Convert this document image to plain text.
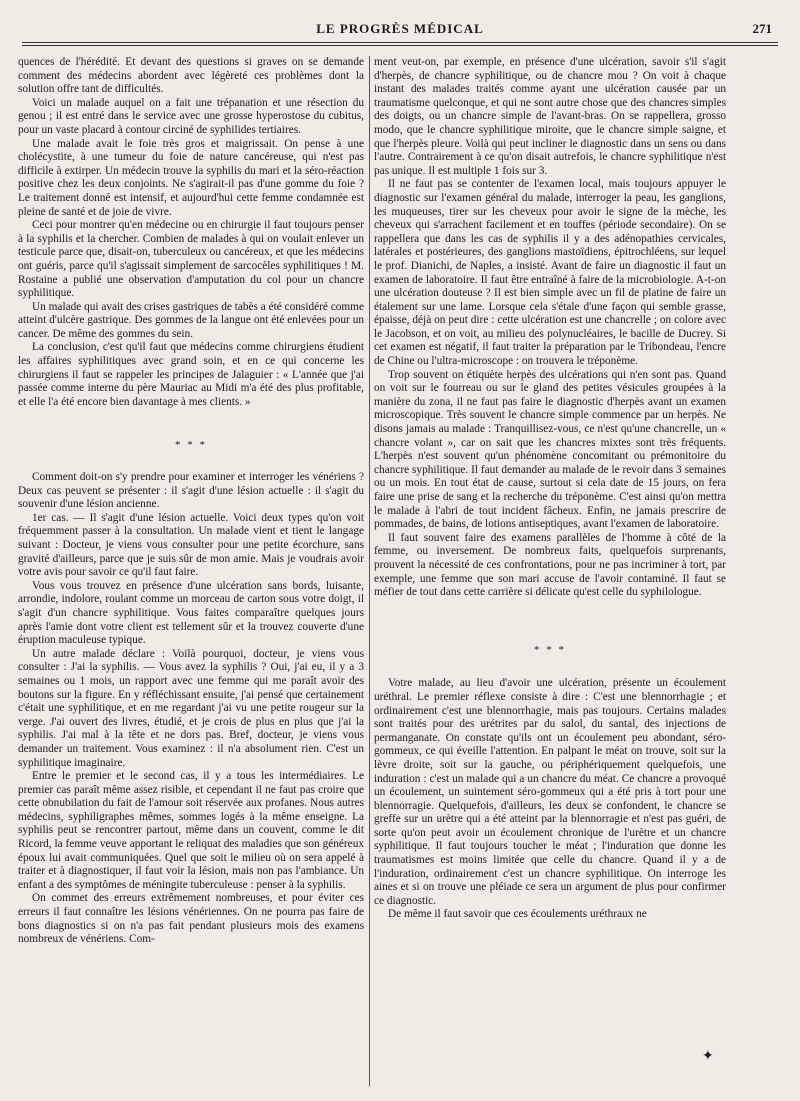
LE PROGRÈS MÉDICAL	271

quences de l'hérédité. Et devant des questions si graves on se demande comment des médecins abordent avec légèreté ces problèmes dont la solution offre tant de difficultés.

Voici un malade auquel on a fait une trépanation et une résection du genou ; il est entré dans le service avec une grosse hyperostose du cubitus, pour un vaste placard à contour circiné de syphilides tertiaires.

Une malade avait le foie très gros et maigrissait. On pense à une cholécystite, à une tumeur du foie de nature cancéreuse, qui n'est pas difficile à extirper. Un médecin trouve la syphilis du mari et la séro-réaction positive chez les deux conjoints. Ne s'agirait-il pas d'une gomme du foie ? Le traitement donné est intensif, et aujourd'hui cette femme condamnée est pleine de santé et de joie de vivre.

Ceci pour montrer qu'en médecine ou en chirurgie il faut toujours penser à la syphilis et la chercher. Combien de malades à qui on voulait enlever un testicule parce que, disait-on, tuberculeux ou cancéreux, et que les médecins ont guéris, parce qu'il s'agissait simplement de sarcocèles syphilitiques ! M. Rostaine a publié une observation d'amputation du col pour un chancre syphilitique.

Un malade qui avait des crises gastriques de tabès a été considéré comme atteint d'ulcère gastrique. Des gommes de la langue ont été enlevées pour un cancer. De même des gommes du sein.

La conclusion, c'est qu'il faut que médecins comme chirurgiens étudient les affaires syphilitiques avec grand soin, et en ce qui concerne les chirurgiens il faut se rappeler les principes de Jalaguier : « L'année que j'ai passée comme interne du père Mauriac au Midi m'a été des plus profitable, et elle l'a été encore bien davantage à mes clients. »

* * *

Comment doit-on s'y prendre pour examiner et interroger les vénériens ? Deux cas peuvent se présenter : il s'agit d'une lésion actuelle : il s'agit du souvenir d'une lésion ancienne.

1er cas. — Il s'agit d'une lésion actuelle. Voici deux types qu'on voit fréquemment passer à la consultation. Un malade vient et tient le langage suivant : Docteur, je viens vous consulter pour une petite écorchure, sans gravité d'ailleurs, parce que je suis sûr de mon amie. Mais je voudrais avoir votre avis pour savoir ce qu'il faut faire.

Vous vous trouvez en présence d'une ulcération sans bords, luisante, arrondie, indolore, roulant comme un morceau de carton sous votre doigt, il s'agit d'un chancre syphilitique. Vous faites comparaître quelques jours après l'amie dont votre client est tellement sûr et la trouvez couverte d'une éruption maculeuse typique.

Un autre malade déclare : Voilà pourquoi, docteur, je viens vous consulter : J'ai la syphilis. — Vous avez la syphilis ? Oui, j'ai eu, il y a 3 semaines ou 1 mois, un rapport avec une femme qui me paraît avoir des boutons sur la figure. En y réfléchissant ensuite, j'ai pensé que certainement c'était une syphilitique, et en me regardant j'ai vu une petite rougeur sur la verge. J'ai ouvert des livres, étudié, et je crois de plus en plus que j'ai la syphilis. J'ai mal à la tête et ne dors pas. Bref, docteur, je viens vous demander un traitement. Vous examinez : il n'a absolument rien. C'est un syphilitique imaginaire.

Entre le premier et le second cas, il y a tous les intermédiaires. Le premier cas paraît même assez risible, et cependant il ne faut pas croire que cette obnubilation du fait de l'amour soit réservée aux profanes. Nous autres médecins, syphiligraphes mêmes, sommes logés à la même enseigne. La syphilis peut se rencontrer partout, même dans un couvent, comme le dit Ricord, la femme veuve apportant le reliquat des maladies que son généreux époux lui avait communiquées. Quel que soit le milieu où on sera appelé à traiter et à diagnostiquer, il faut voir la lésion, mais non pas l'ambiance. Un enfant a des symptômes de méningite tuberculeuse : penser à la syphilis.

On commet des erreurs extrêmement nombreuses, et pour éviter ces erreurs il faut connaître les lésions vénériennes. On ne pourra pas faire de bons diagnostics si on n'a pas fait pendant plusieurs mois des examens nombreux de vénériens. Com-

ment veut-on, par exemple, en présence d'une ulcération, savoir s'il s'agit d'herpès, de chancre syphilitique, ou de chancre mou ? On voit à chaque instant des malades traités comme ayant une ulcération causée par un traumatisme quelconque, et qui ne sont autre chose que des chancres simples des doigts, ou un chancre simple de l'avant-bras. On se rappellera, grosso modo, que le chancre syphilitique miroite, que le chancre simple saigne, et que l'herpès pleure. Voilà qui peut incliner le diagnostic dans un sens ou dans l'autre. Contrairement à ce qu'on disait autrefois, le chancre syphilitique n'est pas unique. Il est multiple 1 fois sur 3.

Il ne faut pas se contenter de l'examen local, mais toujours appuyer le diagnostic sur l'examen général du malade, interroger la peau, les ganglions, les muqueuses, tirer sur les cheveux pour avoir le signe de la mèche, les cheveux qui s'arrachent facilement et en touffes (période secondaire). On se rappellera que dans les cas de syphilis il y a des adénopathies cervicales, latérales et postérieures, des ganglions mastoïdiens, épitrochléens, sur lequel le prof. Dianichi, de Naples, a insisté. Avant de faire un diagnostic il faut un examen de laboratoire. Il faut être entraîné à faire de la microbiologie. A-t-on une ulcération douteuse ? Il est bien simple avec un fil de platine de faire un étalement sur une lame. Lorsque cela s'étale d'une façon qui semble grasse, épaisse, déjà on peut dire : cette ulcération est une chancrelle ; on colore avec le Jacobson, et on voit, au milieu des polynucléaires, le bacille de Ducrey. Si cet examen est négatif, il faut traiter la préparation par le Tribondeau, l'encre de Chine ou l'ultra-microscope : on trouvera le tréponème.

Trop souvent on étiquète herpès des ulcérations qui n'en sont pas. Quand on voit sur le fourreau ou sur le gland des petites vésicules groupées à la manière du zona, il ne faut pas faire le diagnostic d'herpès avant un examen microscopique. Très souvent le chancre simple commence par un herpès. Ne disons jamais au malade : Tranquillisez-vous, ce n'est qu'une chancrelle, un « chancre volant », car on sait que les chancres mixtes sont très fréquents. L'herpès n'est souvent qu'un phénomène concomitant ou prémonitoire du chancre syphilitique. Il faut demander au malade de le revoir dans 3 semaines ou un mois. En tout état de cause, surtout si cela date de 15 jours, on fera faire une prise de sang et la recherche du tréponème. C'est ainsi qu'on mettra le malade à l'abri de tout incident fâcheux. Enfin, ne jamais prescrire de pommades, de bains, de lotions antiseptiques, avant l'examen de laboratoire.

Il faut souvent faire des examens parallèles de l'homme à côté de la femme, ou inversement. De nombreux faits, quelquefois surprenants, prouvent la nécessité de ces confrontations, pour ne pas incriminer à tort, par exemple, une femme que son mari accuse de l'avoir contaminé. Il faut se méfier de tout dans cette carrière si délicate qu'est celle du syphilologue.

* * *

Votre malade, au lieu d'avoir une ulcération, présente un écoulement uréthral. Le premier réflexe consiste à dire : C'est une blennorrhagie ; et ordinairement c'est une blennorrhagie, mais pas toujours. Certains malades sont traités pour des urétrites par du salol, du santal, des injections de permanganate. On constate qu'ils ont un écoulement peu abondant, séro-gommeux, ce qui éveille l'attention. En palpant le méat on trouve, soit sur la lèvre droite, soit sur la gauche, ou périphériquement quelquefois, une induration : c'est un malade qui a un chancre du méat. Ce chancre a provoqué un écoulement, un suintement séro-gommeux qui a été pris à tort pour une blennorragie. Quelquefois, d'ailleurs, les deux se confondent, le chancre se greffe sur un urètre qui a été atteint par la blennorragie et n'est pas guéri, de sorte qu'on peut avoir un écoulement chronique de l'urètre et un chancre syphilitique. Il faut toujours toucher le méat ; l'induration que donne les traumatismes est moins limitée que celle du chancre. Quand il y a de l'induration, ordinairement c'est un chancre syphilitique. On interroge les aines et si on trouve une pléiade ce sera un argument de plus pour confirmer ce diagnostic.

De même il faut savoir que ces écoulements uréthraux ne

✦
